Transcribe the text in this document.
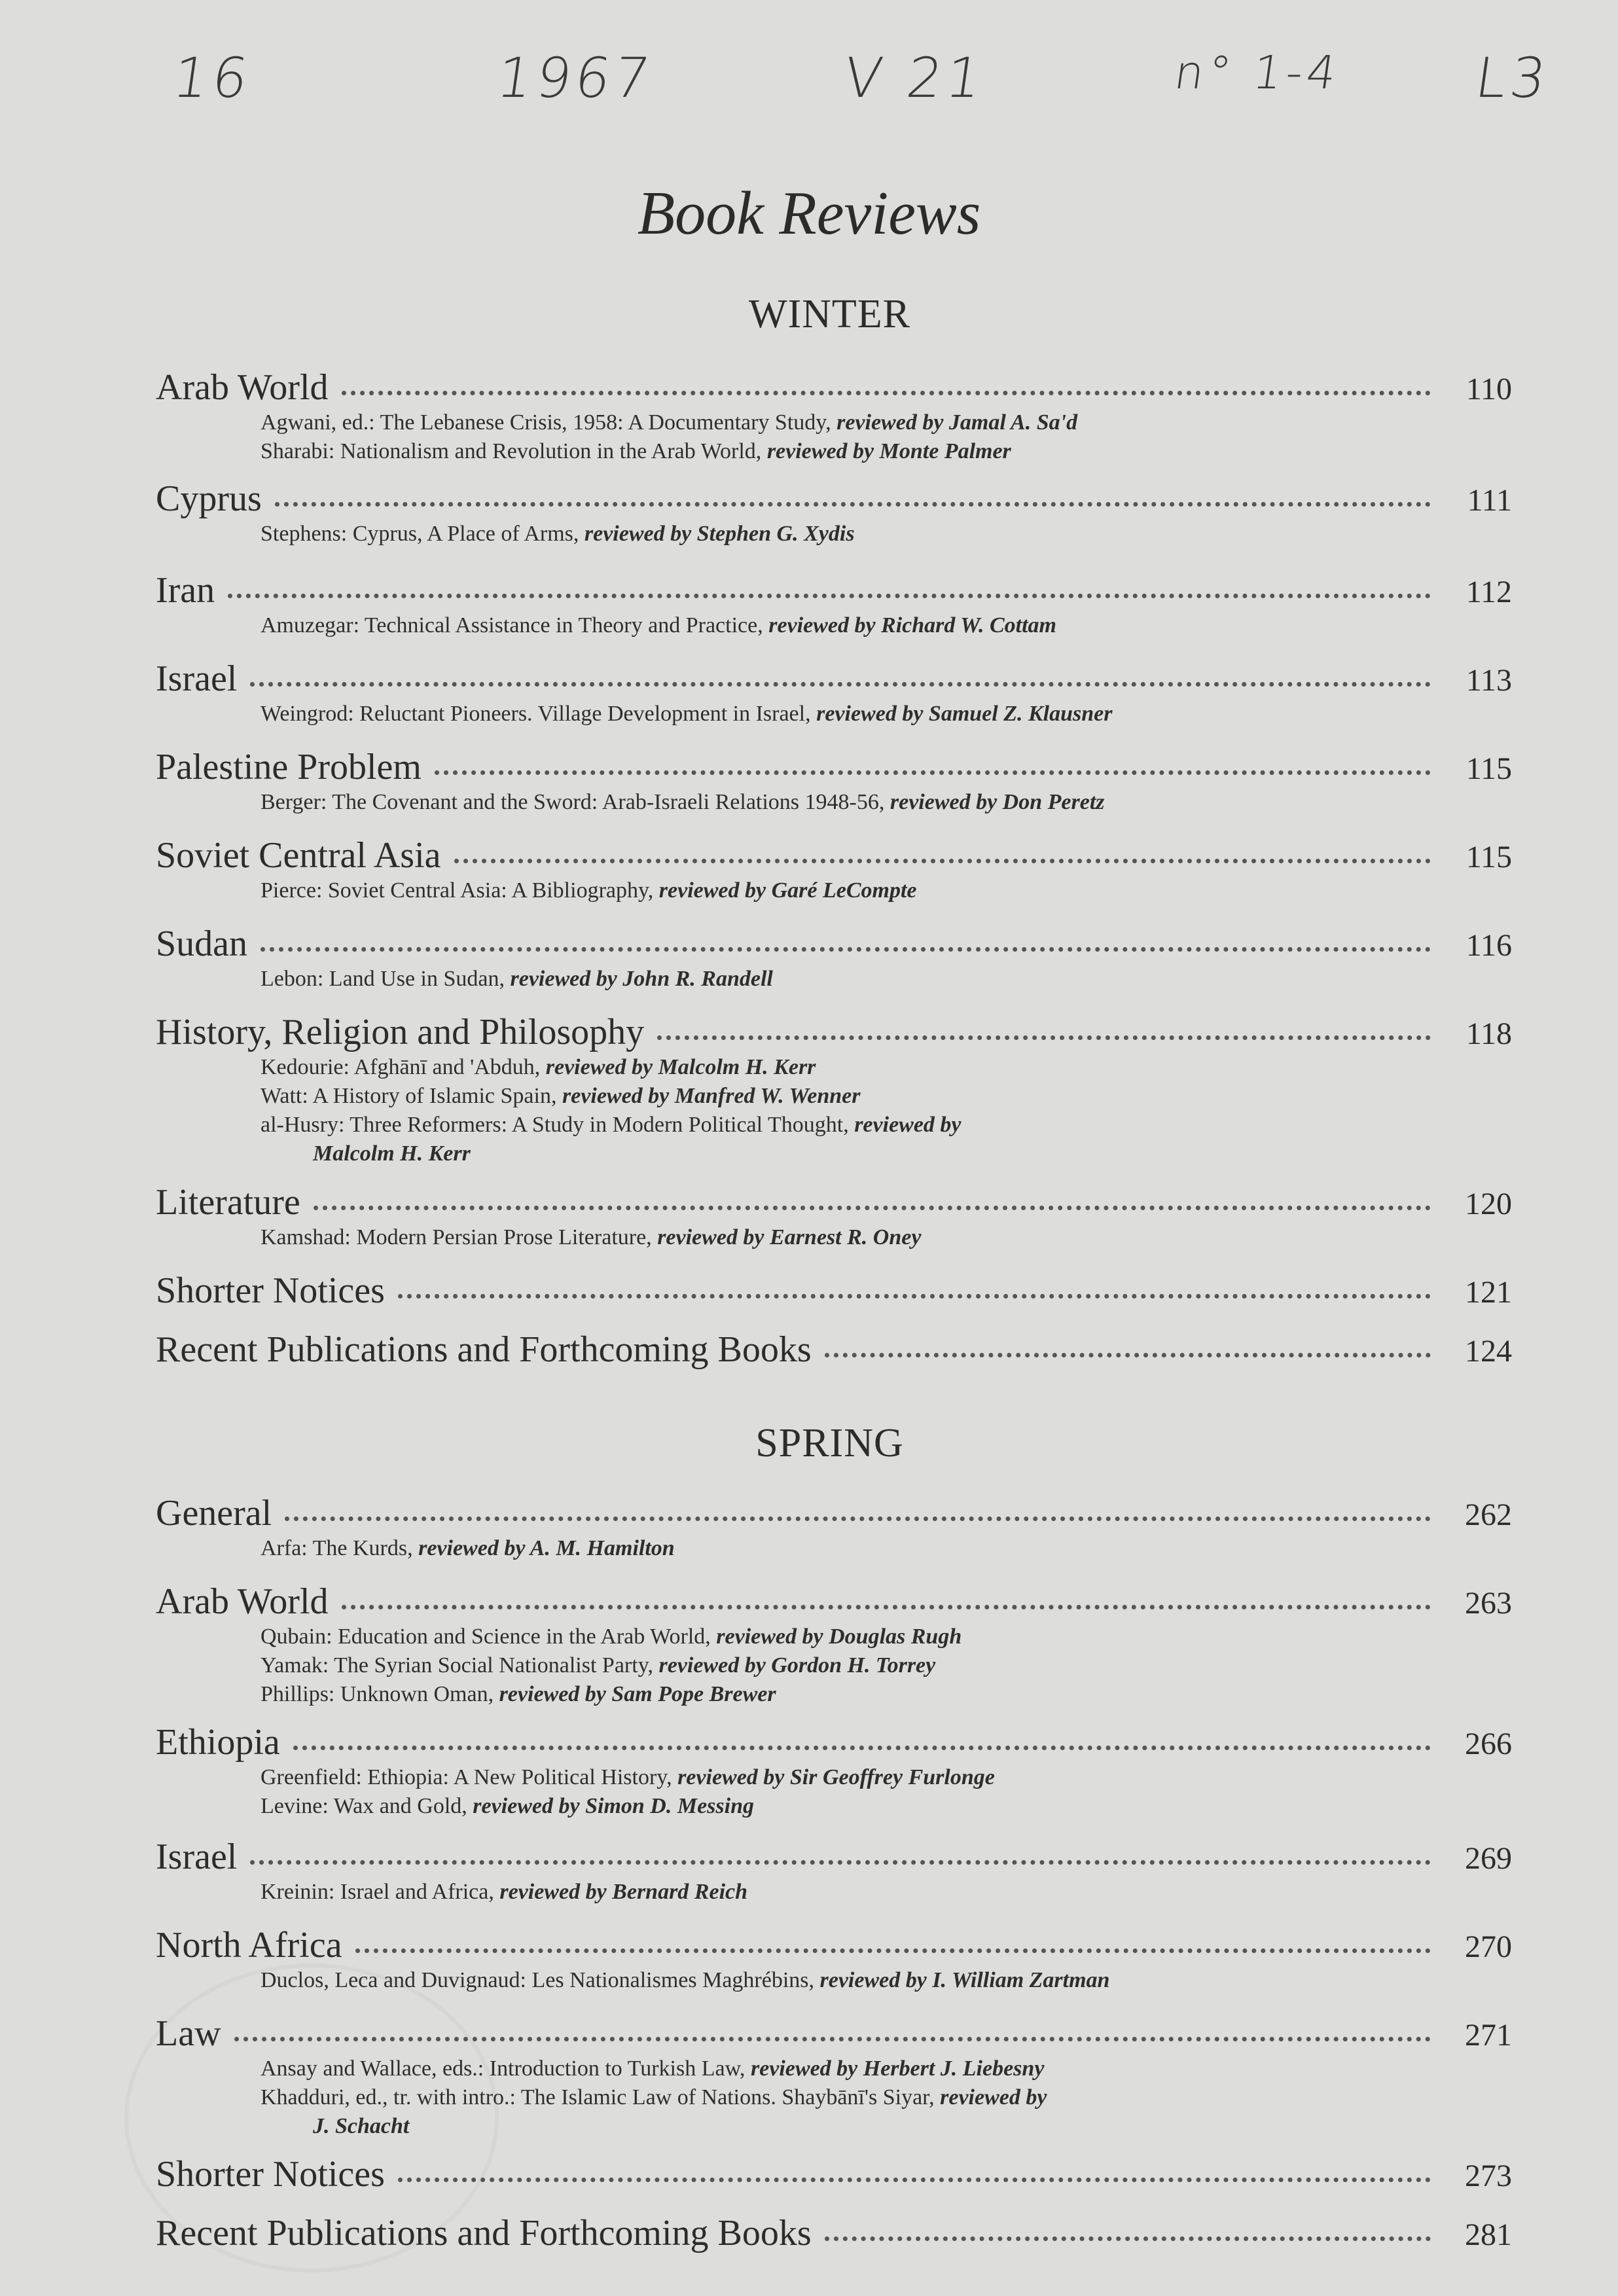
16	1967	V 21	n° 1-4 L3
Book Reviews
WINTER
Arab World	110
Agwani, ed.: The Lebanese Crisis, 1958: A Documentary Study, reviewed by Jamal A. Sa'd
Sharabi: Nationalism and Revolution in the Arab World, reviewed by Monte Palmer
Cyprus	111
Stephens: Cyprus, A Place of Arms, reviewed by Stephen G. Xydis
Iran	112
Amuzegar: Technical Assistance in Theory and Practice, reviewed by Richard W. Cottam
Israel	113
Weingrod: Reluctant Pioneers. Village Development in Israel, reviewed by Samuel Z. Klausner
Palestine Problem	115
Berger: The Covenant and the Sword: Arab-Israeli Relations 1948-56, reviewed by Don Peretz
Soviet Central Asia	115
Pierce: Soviet Central Asia: A Bibliography, reviewed by Garé LeCompte
Sudan	116
Lebon: Land Use in Sudan, reviewed by John R. Randell
History, Religion and Philosophy	118
Kedourie: Afghānī and 'Abduh, reviewed by Malcolm H. Kerr
Watt: A History of Islamic Spain, reviewed by Manfred W. Wenner
al-Husry: Three Reformers: A Study in Modern Political Thought, reviewed by
Malcolm H. Kerr
Literature	120
Kamshad: Modern Persian Prose Literature, reviewed by Earnest R. Oney
Shorter Notices	121
Recent Publications and Forthcoming Books	124
SPRING
General	262
Arfa: The Kurds, reviewed by A. M. Hamilton
Arab World	263
Qubain: Education and Science in the Arab World, reviewed by Douglas Rugh
Yamak: The Syrian Social Nationalist Party, reviewed by Gordon H. Torrey
Phillips: Unknown Oman, reviewed by Sam Pope Brewer
Ethiopia	266
Greenfield: Ethiopia: A New Political History, reviewed by Sir Geoffrey Furlonge
Levine: Wax and Gold, reviewed by Simon D. Messing
Israel	269
Kreinin: Israel and Africa, reviewed by Bernard Reich
North Africa	270
Duclos, Leca and Duvignaud: Les Nationalismes Maghrébins, reviewed by I. William Zartman
Law	271
Ansay and Wallace, eds.: Introduction to Turkish Law, reviewed by Herbert J. Liebesny
Khadduri, ed., tr. with intro.: The Islamic Law of Nations. Shaybānī's Siyar, reviewed by
J. Schacht
Shorter Notices	273
Recent Publications and Forthcoming Books	281
